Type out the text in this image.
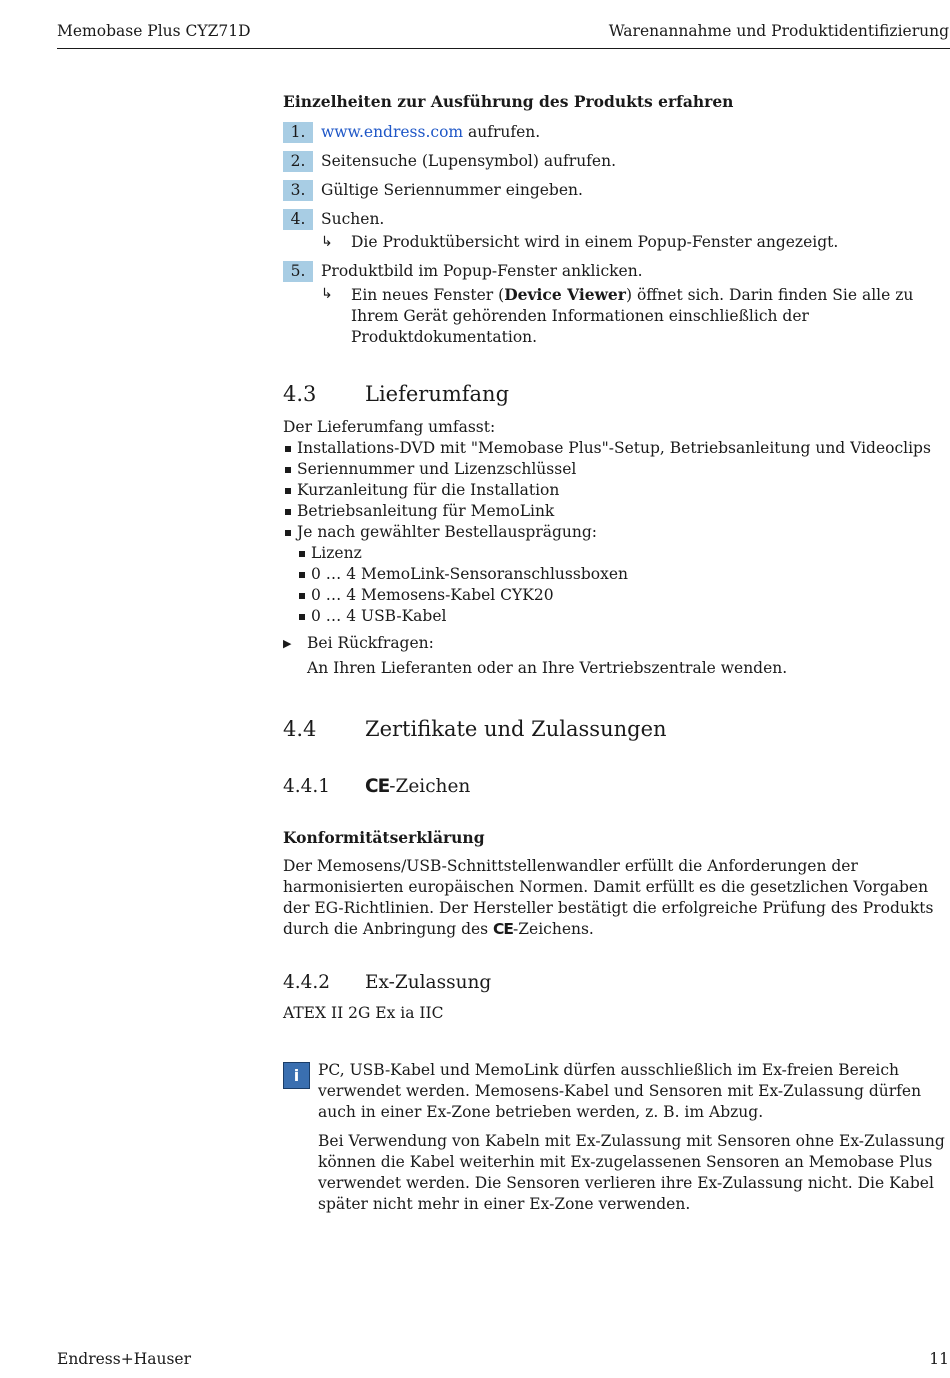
Memobase Plus CYZ71D	Warenannahme und Produktidentifizierung
Einzelheiten zur Ausführung des Produkts erfahren
1.	www.endress.com aufrufen.
2.	Seitensuche (Lupensymbol) aufrufen.
3.	Gültige Seriennummer eingeben.
4.	Suchen.
↳	Die Produktübersicht wird in einem Popup-Fenster angezeigt.
5.	Produktbild im Popup-Fenster anklicken.
↳	Ein neues Fenster (Device Viewer) öffnet sich. Darin finden Sie alle zu Ihrem Gerät gehörenden Informationen einschließlich der Produktdokumentation.
4.3	Lieferumfang
Der Lieferumfang umfasst:
Installations-DVD mit "Memobase Plus"-Setup, Betriebsanleitung und Videoclips
Seriennummer und Lizenzschlüssel
Kurzanleitung für die Installation
Betriebsanleitung für MemoLink
Je nach gewählter Bestellausprägung:
Lizenz
0 … 4 MemoLink-Sensoranschlussboxen
0 … 4 Memosens-Kabel CYK20
0 … 4 USB-Kabel
▶	Bei Rückfragen:
An Ihren Lieferanten oder an Ihre Vertriebszentrale wenden.
4.4	Zertifikate und Zulassungen
4.4.1	CE-Zeichen
Konformitätserklärung
Der Memosens/USB-Schnittstellenwandler erfüllt die Anforderungen der harmonisierten europäischen Normen. Damit erfüllt es die gesetzlichen Vorgaben der EG-Richtlinien. Der Hersteller bestätigt die erfolgreiche Prüfung des Produkts durch die Anbringung des CE-Zeichens.
4.4.2	Ex-Zulassung
ATEX II 2G Ex ia IIC
i	PC, USB-Kabel und MemoLink dürfen ausschließlich im Ex-freien Bereich verwendet werden. Memosens-Kabel und Sensoren mit Ex-Zulassung dürfen auch in einer Ex-Zone betrieben werden, z. B. im Abzug.
Bei Verwendung von Kabeln mit Ex-Zulassung mit Sensoren ohne Ex-Zulassung können die Kabel weiterhin mit Ex-zugelassenen Sensoren an Memobase Plus verwendet werden. Die Sensoren verlieren ihre Ex-Zulassung nicht. Die Kabel später nicht mehr in einer Ex-Zone verwenden.
Endress+Hauser	11
